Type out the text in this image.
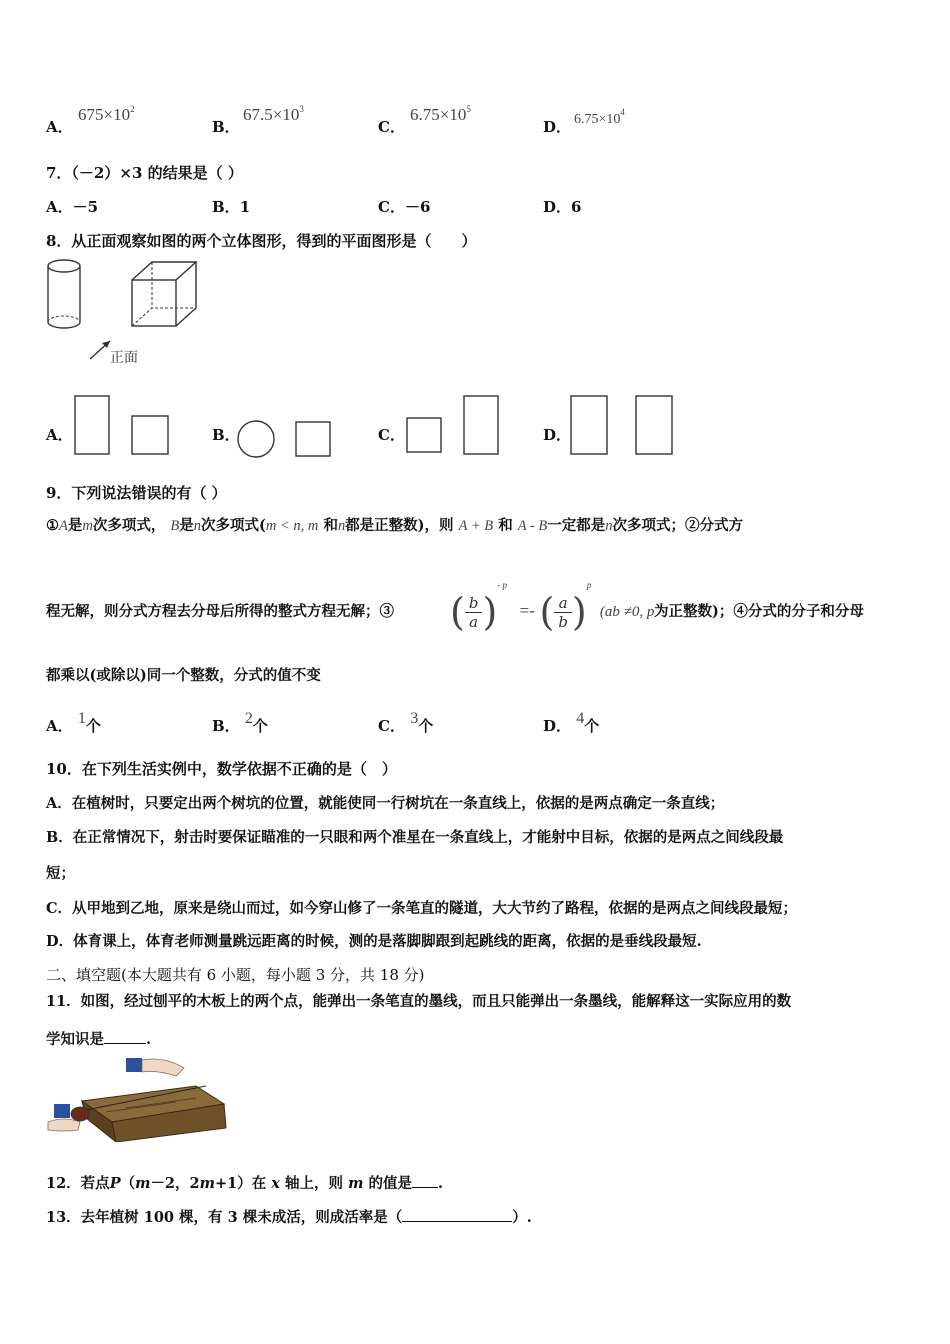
A．
$675\times 10^2$
B．
$67.5\times 10^3$
C．
$6.75\times 10^5$
D． $6.75\times 10^4$
7．（－2）×3 的结果是（ ）
A．－5	B．1	C．－6	D．6
8．从正面观察如图的两个立体图形，得到的平面图形是（　　）
正面
A．	B．	C．	D．
9．下列说法错误的有（ ）
①A是m次多项式， B是n次多项式(m < n, m 和n都是正整数)，则 A + B 和 A - B一定都是n次多项式；②分式方
程无解，则分式方程去分母后所得的整式方程无解；③ ( $\frac{b}{a} )^{- p}$ =- ( $\frac{a}{b} )^p$ (ab ≠0, p 为正整数)；④分式的分子和分母
都乘以(或除以)同一个整数，分式的值不变
A． 1个	B． 2个	C． 3个	D． 4个
10．在下列生活实例中，数学依据不正确的是（　）
A．在植树时，只要定出两个树坑的位置，就能使同一行树坑在一条直线上，依据的是两点确定一条直线；
B．在正常情况下，射击时要保证瞄准的一只眼和两个准星在一条直线上，才能射中目标，依据的是两点之间线段最
短；
C．从甲地到乙地，原来是绕山而过，如今穿山修了一条笔直的隧道，大大节约了路程，依据的是两点之间线段最短；
D．体育课上，体育老师测量跳远距离的时候，测的是落脚脚跟到起跳线的距离，依据的是垂线段最短.
二、填空题(本大题共有 6 小题，每小题 3 分，共 18 分)
11．如图，经过刨平的木板上的两个点，能弹出一条笔直的墨线，而且只能弹出一条墨线，能解释这一实际应用的数
学知识是	.
12．若点P（m－2，2m+1）在 x 轴上，则 m 的值是 .
13．去年植树 100 棵，有 3 棵未成活，则成活率是（	）.
